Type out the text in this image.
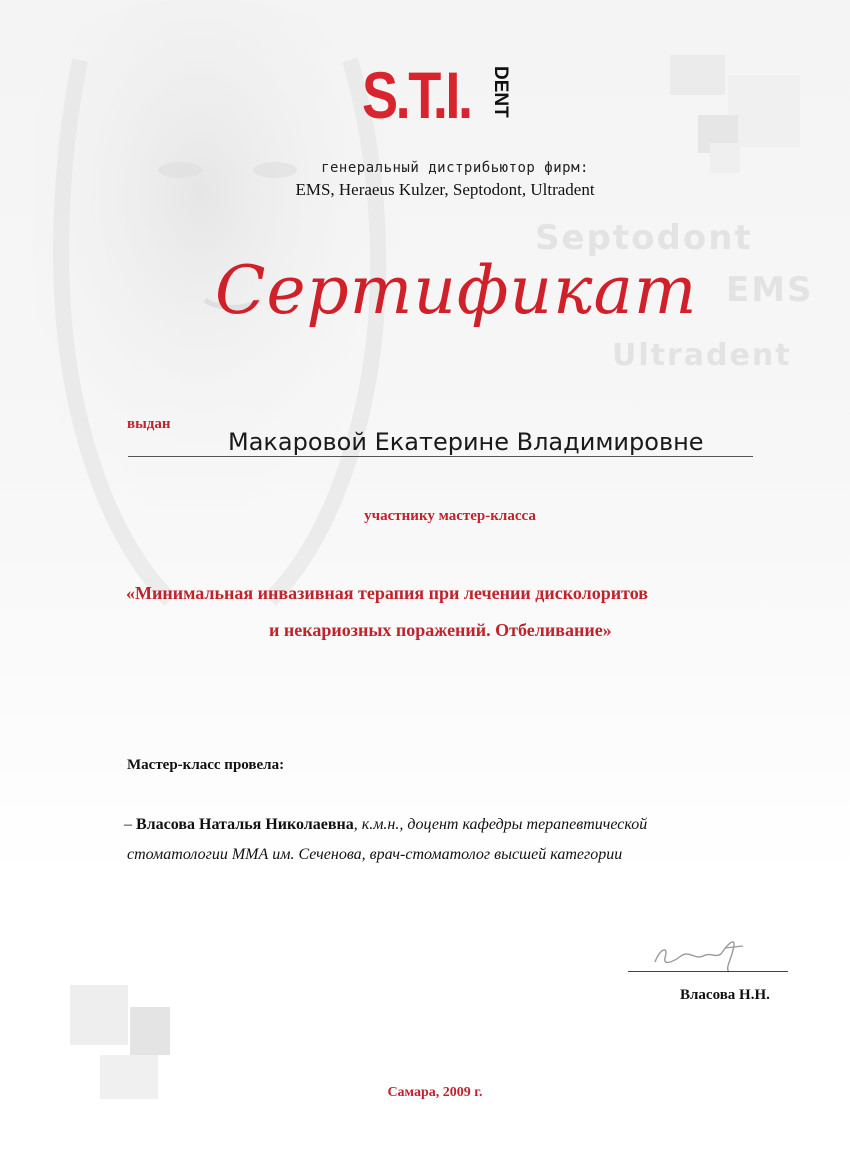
Septodont
EMS
Ultradent
S.T.I. DENT
генеральный дистрибьютор фирм:
EMS, Heraeus Kulzer, Septodont, Ultradent
Сертификат
выдан
Макаровой Екатерине Владимировне
участнику мастер-класса
«Минимальная инвазивная терапия при лечении дисколоритов
и некариозных поражений. Отбеливание»
Мастер-класс провела:
– Власова Наталья Николаевна, к.м.н., доцент кафедры терапевтической
стоматологии ММА им. Сеченова, врач-стоматолог высшей категории
Власова Н.Н.
Самара, 2009 г.
